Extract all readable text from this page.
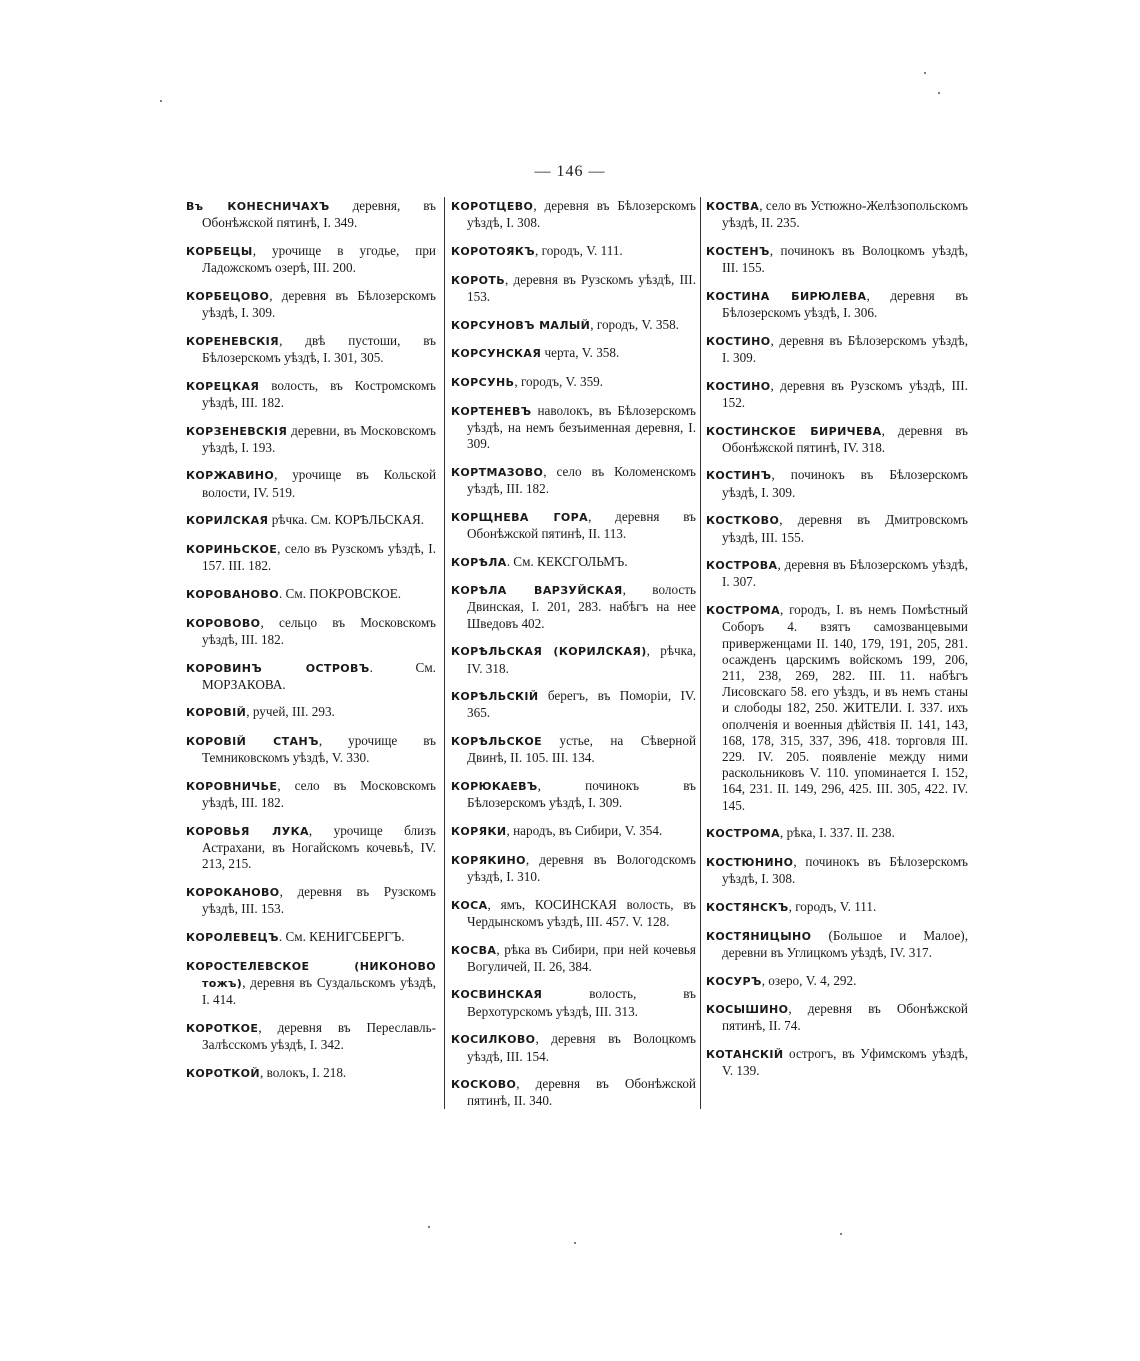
— 146 —
Въ КОНЕСНИЧАХЪ деревня, въ Обонѣжской пятинѣ, I. 349.
КОРБЕЦЫ, урочище в угодье, при Ладожскомъ озерѣ, III. 200.
КОРБЕЦОВО, деревня въ Бѣлозерскомъ уѣздѣ, I. 309.
КОРЕНЕВСКІЯ, двѣ пустоши, въ Бѣлозерскомъ уѣздѣ, I. 301, 305.
КОРЕЦКАЯ волость, въ Костромскомъ уѣздѣ, III. 182.
КОРЗЕНЕВСКІЯ деревни, въ Московскомъ уѣздѣ, I. 193.
КОРЖАВИНО, урочище въ Кольской волости, IV. 519.
КОРИЛСКАЯ рѣчка. См. КОРѢЛЬСКАЯ.
КОРИНЬСКОЕ, село въ Рузскомъ уѣздѣ, I. 157. III. 182.
КОРОВАНОВО. См. ПОКРОВСКОЕ.
КОРОВОВО, сельцо въ Московскомъ уѣздѣ, III. 182.
КОРОВИНЪ ОСТРОВЪ. См. МОРЗАКОВА.
КОРОВІЙ, ручей, III. 293.
КОРОВІЙ СТАНЪ, урочище въ Темниковскомъ уѣздѣ, V. 330.
КОРОВНИЧЬЕ, село въ Московскомъ уѣздѣ, III. 182.
КОРОВЬЯ ЛУКА, урочище близъ Астрахани, въ Ногайскомъ кочевьѣ, IV. 213, 215.
КОРОКАНОВО, деревня въ Рузскомъ уѣздѣ, III. 153.
КОРОЛЕВЕЦЪ. См. КЕНИГСБЕРГЪ.
КОРОСТЕЛЕВСКОЕ (НИКОНОВО тожъ), деревня въ Суздальскомъ уѣздѣ, I. 414.
КОРОТКОЕ, деревня въ Переславль-Залѣсскомъ уѣздѣ, I. 342.
КОРОТКОЙ, волокъ, I. 218.
КОРОТЦЕВО, деревня въ Бѣлозерскомъ уѣздѣ, I. 308.
КОРОТОЯКЪ, городъ, V. 111.
КОРОТЬ, деревня въ Рузскомъ уѣздѣ, III. 153.
КОРСУНОВЪ МАЛЫЙ, городъ, V. 358.
КОРСУНСКАЯ черта, V. 358.
КОРСУНЬ, городъ, V. 359.
КОРТЕНЕВЪ наволокъ, въ Бѣлозерскомъ уѣздѣ, на немъ безъименная деревня, I. 309.
КОРТМАЗОВО, село въ Коломенскомъ уѣздѣ, III. 182.
КОРЩНЕВА ГОРА, деревня въ Обонѣжской пятинѣ, II. 113.
КОРѢЛА. См. КЕКСГОЛЬМЪ.
КОРѢЛА ВАРЗУЙСКАЯ, волость Двинская, I. 201, 283. набѣгъ на нее Шведовъ 402.
КОРѢЛЬСКАЯ (КОРИЛСКАЯ), рѣчка, IV. 318.
КОРѢЛЬСКІЙ берегъ, въ Поморіи, IV. 365.
КОРѢЛЬСКОЕ устье, на Сѣверной Двинѣ, II. 105. III. 134.
КОРЮКАЕВЪ, починокъ въ Бѣлозерскомъ уѣздѣ, I. 309.
КОРЯКИ, народъ, въ Сибири, V. 354.
КОРЯКИНО, деревня въ Вологодскомъ уѣздѣ, I. 310.
КОСА, ямъ, КОСИНСКАЯ волость, въ Чердынскомъ уѣздѣ, III. 457. V. 128.
КОСВА, рѣка въ Сибири, при ней кочевья Вогуличей, II. 26, 384.
КОСВИНСКАЯ волость, въ Верхотурскомъ уѣздѣ, III. 313.
КОСИЛКОВО, деревня въ Волоцкомъ уѣздѣ, III. 154.
КОСКОВО, деревня въ Обонѣжской пятинѣ, II. 340.
КОСТВА, село въ Устюжно-Желѣзопольскомъ уѣздѣ, II. 235.
КОСТЕНЪ, починокъ въ Волоцкомъ уѣздѣ, III. 155.
КОСТИНА БИРЮЛЕВА, деревня въ Бѣлозерскомъ уѣздѣ, I. 306.
КОСТИНО, деревня въ Бѣлозерскомъ уѣздѣ, I. 309.
КОСТИНО, деревня въ Рузскомъ уѣздѣ, III. 152.
КОСТИНСКОЕ БИРИЧЕВА, деревня въ Обонѣжской пятинѣ, IV. 318.
КОСТИНЪ, починокъ въ Бѣлозерскомъ уѣздѣ, I. 309.
КОСТКОВО, деревня въ Дмитровскомъ уѣздѣ, III. 155.
КОСТРОВА, деревня въ Бѣлозерскомъ уѣздѣ, I. 307.
КОСТРОМА, городъ, I. въ немъ Помѣстный Соборъ 4. взятъ самозванцевыми приверженцами II. 140, 179, 191, 205, 281. осажденъ царскимъ войскомъ 199, 206, 211, 238, 269, 282. III. 11. набѣгъ Лисовскаго 58. его уѣздъ, и въ немъ станы и слободы 182, 250. ЖИТЕЛИ. I. 337. ихъ ополченія и военныя дѣйствія II. 141, 143, 168, 178, 315, 337, 396, 418. торговля III. 229. IV. 205. появленіе между ними раскольниковъ V. 110. упоминается I. 152, 164, 231. II. 149, 296, 425. III. 305, 422. IV. 145.
КОСТРОМА, рѣка, I. 337. II. 238.
КОСТЮНИНО, починокъ въ Бѣлозерскомъ уѣздѣ, I. 308.
КОСТЯНСКЪ, городъ, V. 111.
КОСТЯНИЦЫНО (Большое и Малое), деревни въ Углицкомъ уѣздѣ, IV. 317.
КОСУРЪ, озеро, V. 4, 292.
КОСЫШИНО, деревня въ Обонѣжской пятинѣ, II. 74.
КОТАНСКІЙ острогъ, въ Уфимскомъ уѣздѣ, V. 139.
